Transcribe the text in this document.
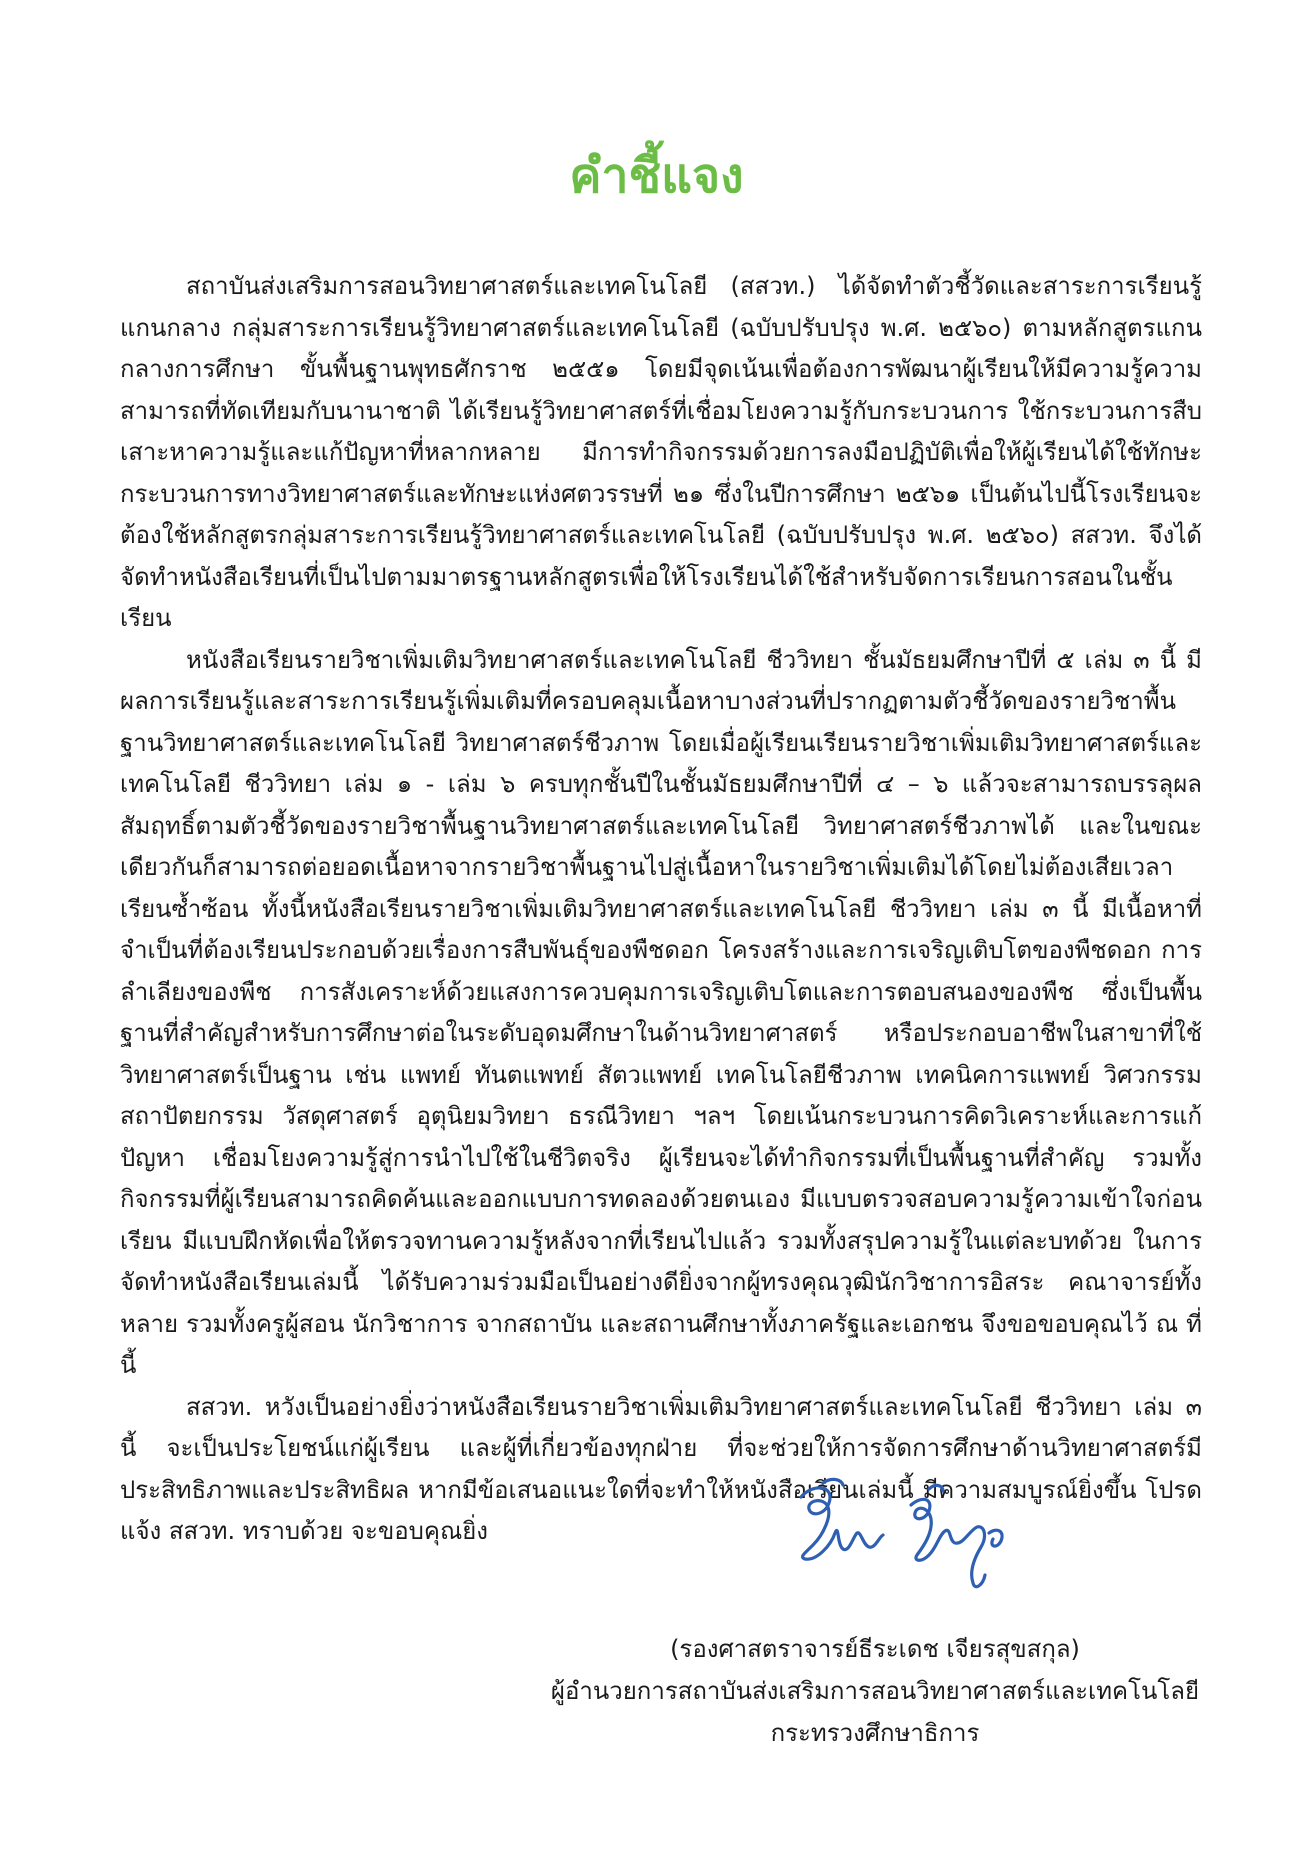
คำชี้แจง

สถาบันส่งเสริมการสอนวิทยาศาสตร์และเทคโนโลยี (สสวท.) ได้จัดทำตัวชี้วัดและสาระการเรียนรู้แกนกลาง กลุ่มสาระการเรียนรู้วิทยาศาสตร์และเทคโนโลยี (ฉบับปรับปรุง พ.ศ. ๒๕๖๐) ตามหลักสูตรแกนกลางการศึกษา ขั้นพื้นฐานพุทธศักราช ๒๕๕๑ โดยมีจุดเน้นเพื่อต้องการพัฒนาผู้เรียนให้มีความรู้ความสามารถที่ทัดเทียมกับนานาชาติ ได้เรียนรู้วิทยาศาสตร์ที่เชื่อมโยงความรู้กับกระบวนการ ใช้กระบวนการสืบเสาะหาความรู้และแก้ปัญหาที่หลากหลาย มีการทำกิจกรรมด้วยการลงมือปฏิบัติเพื่อให้ผู้เรียนได้ใช้ทักษะกระบวนการทางวิทยาศาสตร์และทักษะแห่งศตวรรษที่ ๒๑ ซึ่งในปีการศึกษา ๒๕๖๑ เป็นต้นไปนี้โรงเรียนจะต้องใช้หลักสูตรกลุ่มสาระการเรียนรู้วิทยาศาสตร์และเทคโนโลยี (ฉบับปรับปรุง พ.ศ. ๒๕๖๐) สสวท. จึงได้จัดทำหนังสือเรียนที่เป็นไปตามมาตรฐานหลักสูตรเพื่อให้โรงเรียนได้ใช้สำหรับจัดการเรียนการสอนในชั้นเรียน

หนังสือเรียนรายวิชาเพิ่มเติมวิทยาศาสตร์และเทคโนโลยี ชีววิทยา ชั้นมัธยมศึกษาปีที่ ๕ เล่ม ๓ นี้ มีผลการเรียนรู้และสาระการเรียนรู้เพิ่มเติมที่ครอบคลุมเนื้อหาบางส่วนที่ปรากฏตามตัวชี้วัดของรายวิชาพื้นฐานวิทยาศาสตร์และเทคโนโลยี วิทยาศาสตร์ชีวภาพ โดยเมื่อผู้เรียนเรียนรายวิชาเพิ่มเติมวิทยาศาสตร์และเทคโนโลยี ชีววิทยา เล่ม ๑ - เล่ม ๖ ครบทุกชั้นปีในชั้นมัธยมศึกษาปีที่ ๔ – ๖ แล้วจะสามารถบรรลุผลสัมฤทธิ์ตามตัวชี้วัดของรายวิชาพื้นฐานวิทยาศาสตร์และเทคโนโลยี วิทยาศาสตร์ชีวภาพได้ และในขณะเดียวกันก็สามารถต่อยอดเนื้อหาจากรายวิชาพื้นฐานไปสู่เนื้อหาในรายวิชาเพิ่มเติมได้โดยไม่ต้องเสียเวลาเรียนซ้ำซ้อน ทั้งนี้หนังสือเรียนรายวิชาเพิ่มเติมวิทยาศาสตร์และเทคโนโลยี ชีววิทยา เล่ม ๓ นี้ มีเนื้อหาที่จำเป็นที่ต้องเรียนประกอบด้วยเรื่องการสืบพันธุ์ของพืชดอก โครงสร้างและการเจริญเติบโตของพืชดอก การลำเลียงของพืช การสังเคราะห์ด้วยแสงการควบคุมการเจริญเติบโตและการตอบสนองของพืช ซึ่งเป็นพื้นฐานที่สำคัญสำหรับการศึกษาต่อในระดับอุดมศึกษาในด้านวิทยาศาสตร์ หรือประกอบอาชีพในสาขาที่ใช้วิทยาศาสตร์เป็นฐาน เช่น แพทย์ ทันตแพทย์ สัตวแพทย์ เทคโนโลยีชีวภาพ เทคนิคการแพทย์ วิศวกรรม สถาปัตยกรรม วัสดุศาสตร์ อุตุนิยมวิทยา ธรณีวิทยา ฯลฯ โดยเน้นกระบวนการคิดวิเคราะห์และการแก้ปัญหา เชื่อมโยงความรู้สู่การนำไปใช้ในชีวิตจริง ผู้เรียนจะได้ทำกิจกรรมที่เป็นพื้นฐานที่สำคัญ รวมทั้งกิจกรรมที่ผู้เรียนสามารถคิดค้นและออกแบบการทดลองด้วยตนเอง มีแบบตรวจสอบความรู้ความเข้าใจก่อนเรียน มีแบบฝึกหัดเพื่อให้ตรวจทานความรู้หลังจากที่เรียนไปแล้ว รวมทั้งสรุปความรู้ในแต่ละบทด้วย ในการจัดทำหนังสือเรียนเล่มนี้ ได้รับความร่วมมือเป็นอย่างดียิ่งจากผู้ทรงคุณวุฒินักวิชาการอิสระ คณาจารย์ทั้งหลาย รวมทั้งครูผู้สอน นักวิชาการ จากสถาบัน และสถานศึกษาทั้งภาครัฐและเอกชน จึงขอขอบคุณไว้ ณ ที่นี้

สสวท. หวังเป็นอย่างยิ่งว่าหนังสือเรียนรายวิชาเพิ่มเติมวิทยาศาสตร์และเทคโนโลยี ชีววิทยา เล่ม ๓ นี้ จะเป็นประโยชน์แก่ผู้เรียน และผู้ที่เกี่ยวข้องทุกฝ่าย ที่จะช่วยให้การจัดการศึกษาด้านวิทยาศาสตร์มีประสิทธิภาพและประสิทธิผล หากมีข้อเสนอแนะใดที่จะทำให้หนังสือเรียนเล่มนี้ มีความสมบูรณ์ยิ่งขึ้น โปรดแจ้ง สสวท. ทราบด้วย จะขอบคุณยิ่ง

(รองศาสตราจารย์ธีระเดช เจียรสุขสกุล)
ผู้อำนวยการสถาบันส่งเสริมการสอนวิทยาศาสตร์และเทคโนโลยี
กระทรวงศึกษาธิการ
